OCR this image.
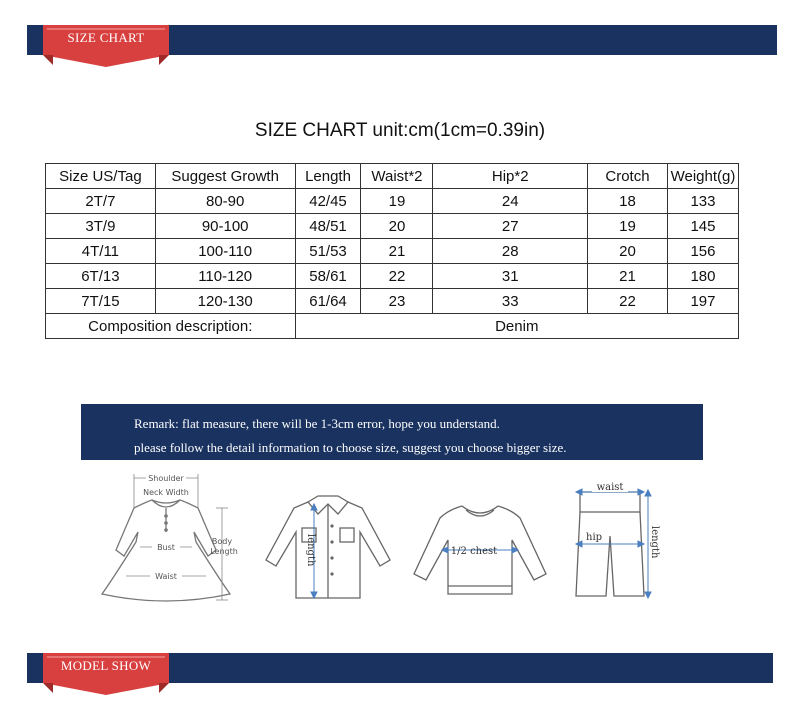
SIZE CHART
SIZE CHART unit:cm(1cm=0.39in)
Size US/Tag	Suggest Growth	Length	Waist*2	Hip*2	Crotch	Weight(g)
2T/7	80-90	42/45	19	24	18	133
3T/9	90-100	48/51	20	27	19	145
4T/11	100-110	51/53	21	28	20	156
6T/13	110-120	58/61	22	31	21	180
7T/15	120-130	61/64	23	33	22	197
Composition description:		Denim				
Remark: flat measure, there will be 1-3cm error, hope you understand.
please follow the detail information to choose size, suggest you choose bigger size.
Shoulder
Neck Width
Bust
Waist
Body
Length	length	1/2 chest
waist
hip	length
MODEL SHOW
